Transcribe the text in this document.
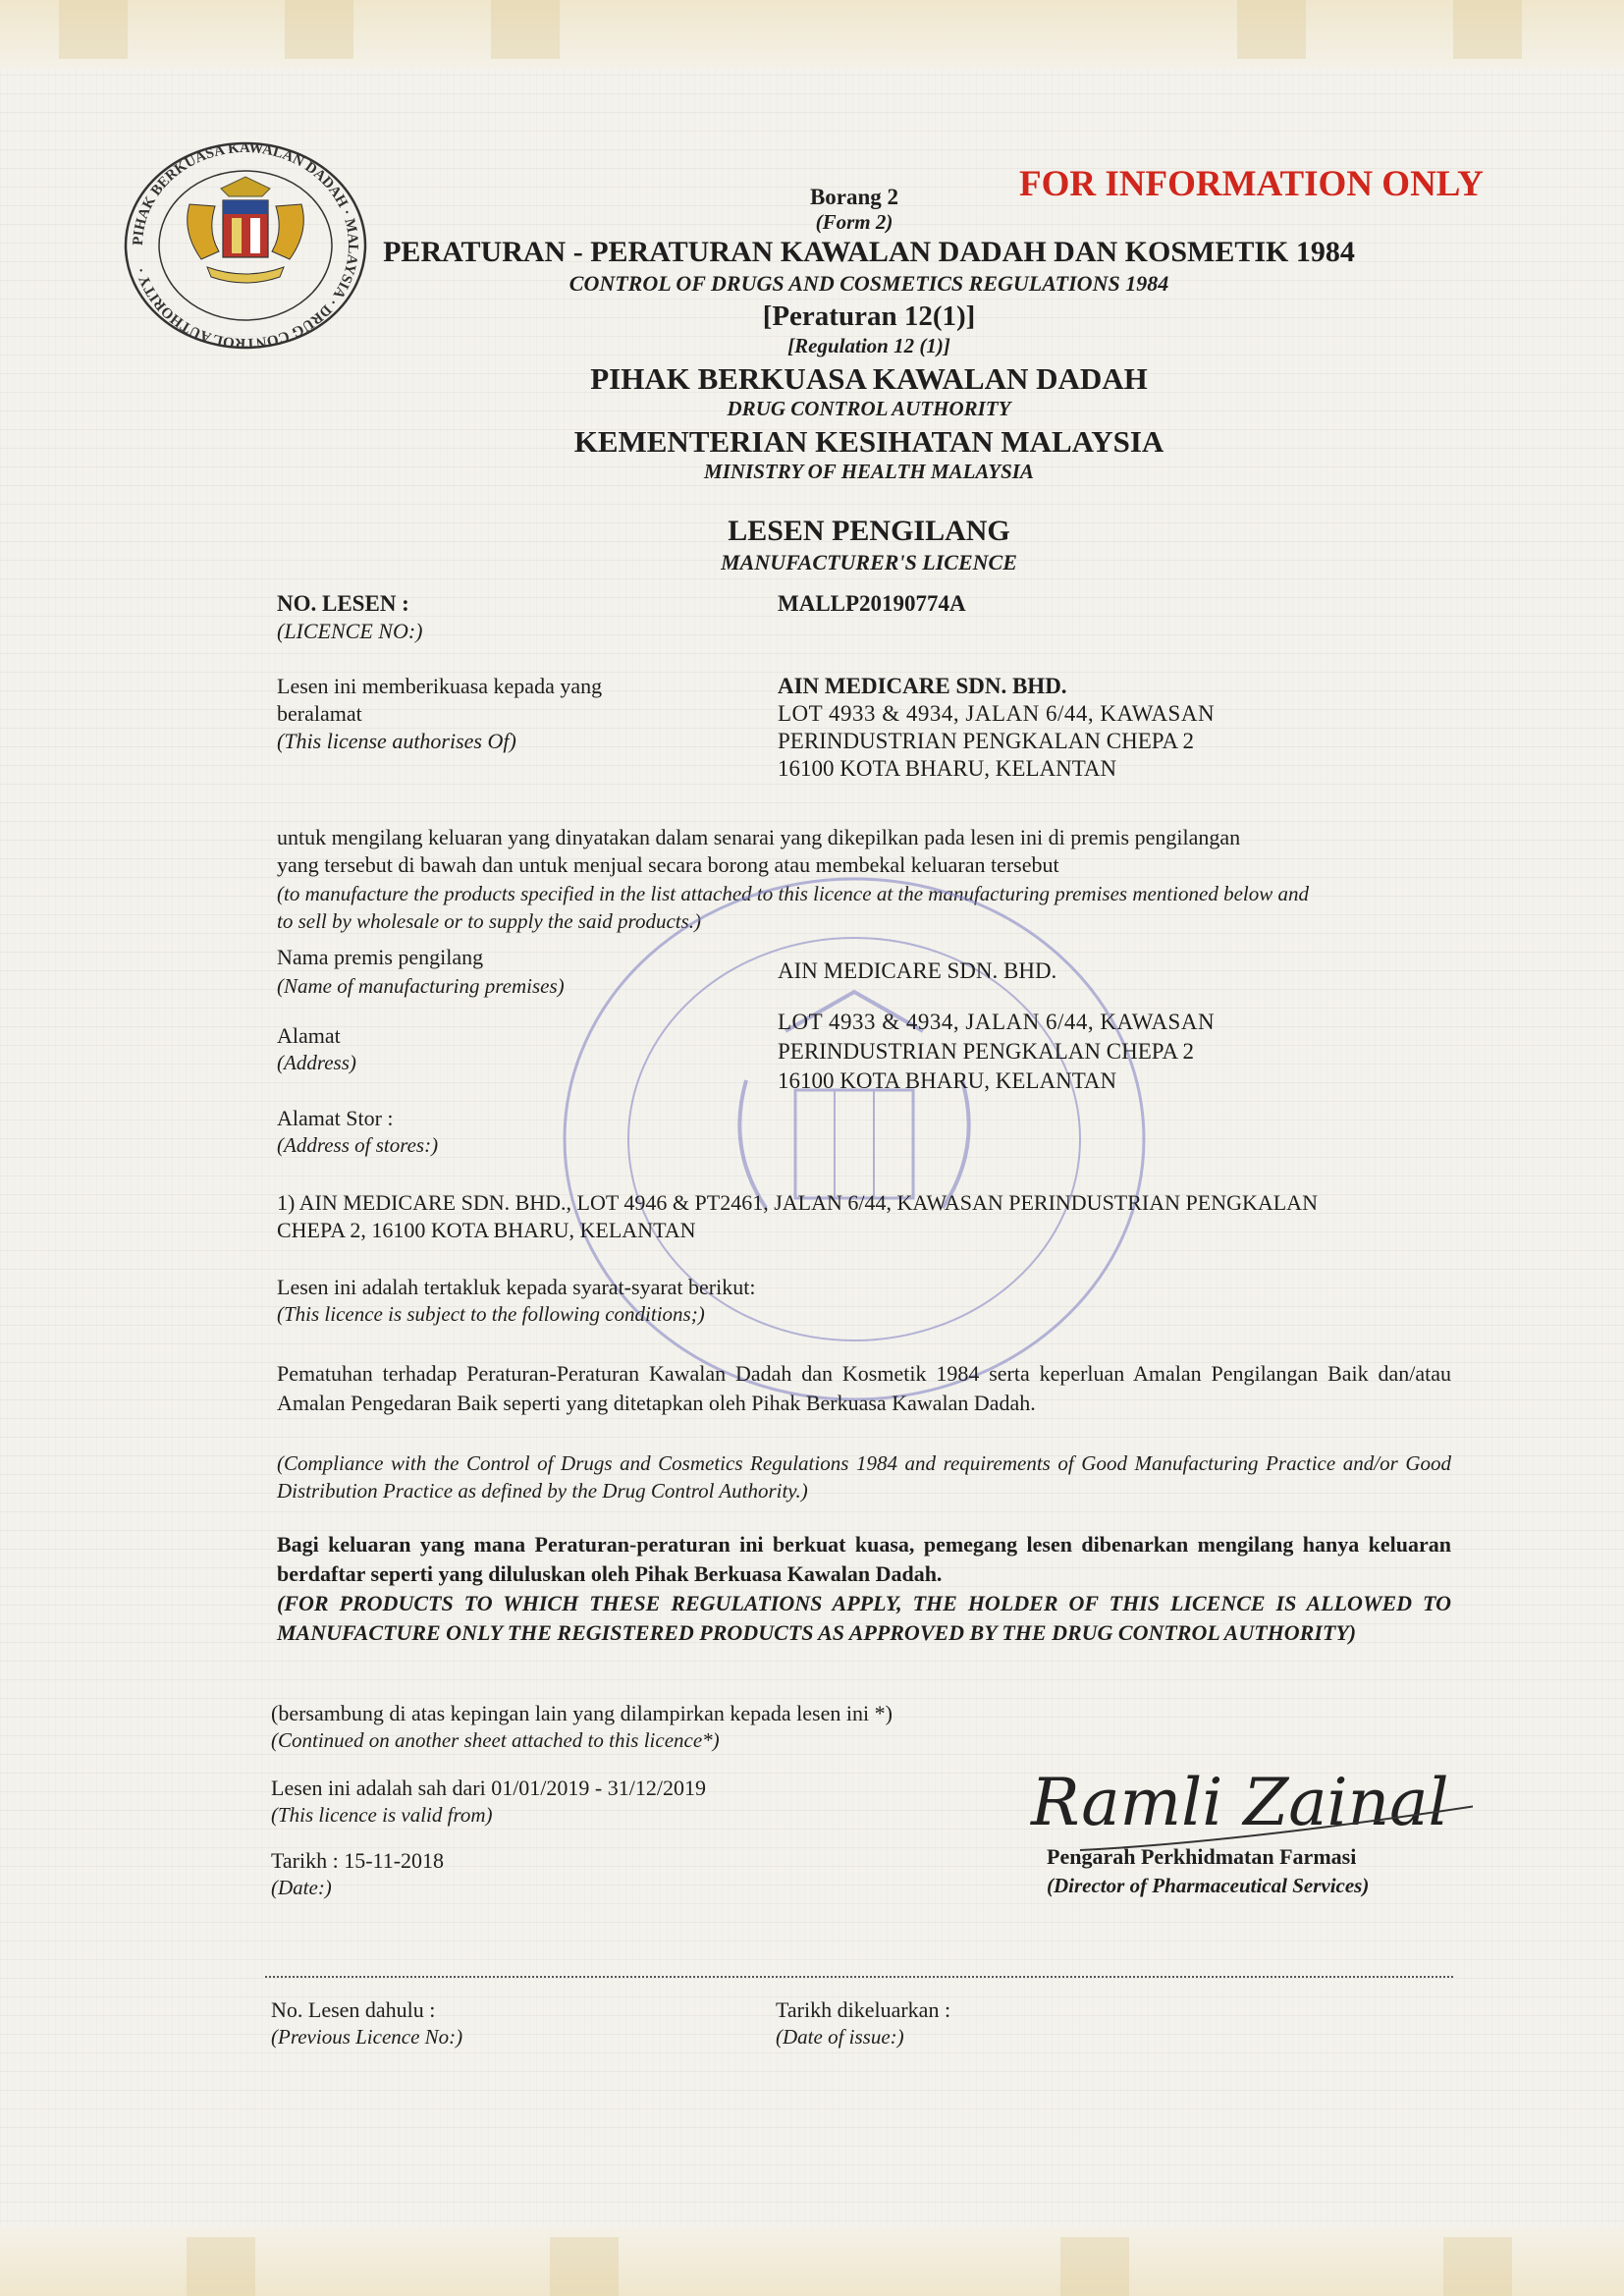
PIHAK BERKUASA KAWALAN DADAH · MALAYSIA · DRUG CONTROL AUTHORITY ·
FOR INFORMATION ONLY
Borang 2
(Form 2)
PERATURAN - PERATURAN KAWALAN DADAH DAN KOSMETIK 1984
CONTROL OF DRUGS AND COSMETICS REGULATIONS 1984
[Peraturan 12(1)]
[Regulation 12 (1)]
PIHAK BERKUASA KAWALAN DADAH
DRUG CONTROL AUTHORITY
KEMENTERIAN KESIHATAN MALAYSIA
MINISTRY OF HEALTH MALAYSIA
LESEN PENGILANG
MANUFACTURER'S LICENCE
NO. LESEN :
(LICENCE NO:)
MALLP20190774A
Lesen ini memberikuasa kepada yang
beralamat
(This license authorises Of)
AIN MEDICARE SDN. BHD.
LOT 4933 & 4934, JALAN 6/44, KAWASAN
PERINDUSTRIAN PENGKALAN CHEPA 2
16100 KOTA BHARU, KELANTAN
untuk mengilang keluaran yang dinyatakan dalam senarai yang dikepilkan pada lesen ini di premis pengilangan
yang tersebut di bawah dan untuk menjual secara borong atau membekal keluaran tersebut
(to manufacture the products specified in the list attached to this licence at the manufacturing premises mentioned below and
to sell by wholesale or to supply the said products.)
Nama premis pengilang
(Name of manufacturing premises)
AIN MEDICARE SDN. BHD.
Alamat
(Address)
LOT 4933 & 4934, JALAN 6/44, KAWASAN
PERINDUSTRIAN PENGKALAN CHEPA 2
16100 KOTA BHARU, KELANTAN
Alamat Stor :
(Address of stores:)
1) AIN MEDICARE SDN. BHD., LOT 4946 & PT2461, JALAN 6/44, KAWASAN PERINDUSTRIAN PENGKALAN
CHEPA 2, 16100 KOTA BHARU, KELANTAN
Lesen ini adalah tertakluk kepada syarat-syarat berikut:
(This licence is subject to the following conditions;)
Pematuhan terhadap Peraturan-Peraturan Kawalan Dadah dan Kosmetik 1984 serta keperluan Amalan Pengilangan Baik dan/atau Amalan Pengedaran Baik seperti yang ditetapkan oleh Pihak Berkuasa Kawalan Dadah.
(Compliance with the Control of Drugs and Cosmetics Regulations 1984 and requirements of Good Manufacturing Practice and/or Good Distribution Practice as defined by the Drug Control Authority.)
Bagi keluaran yang mana Peraturan-peraturan ini berkuat kuasa, pemegang lesen dibenarkan mengilang hanya keluaran berdaftar seperti yang diluluskan oleh Pihak Berkuasa Kawalan Dadah.
(FOR PRODUCTS TO WHICH THESE REGULATIONS APPLY, THE HOLDER OF THIS LICENCE IS ALLOWED TO MANUFACTURE ONLY THE REGISTERED PRODUCTS AS APPROVED BY THE DRUG CONTROL AUTHORITY)
(bersambung di atas kepingan lain yang dilampirkan kepada lesen ini *)
(Continued on another sheet attached to this licence*)
Lesen ini adalah sah dari 01/01/2019 - 31/12/2019
(This licence is valid from)
Tarikh : 15-11-2018
(Date:)
Ramli Zainal
Pengarah Perkhidmatan Farmasi
(Director of Pharmaceutical Services)
No. Lesen dahulu :
(Previous Licence No:)
Tarikh dikeluarkan :
(Date of issue:)
